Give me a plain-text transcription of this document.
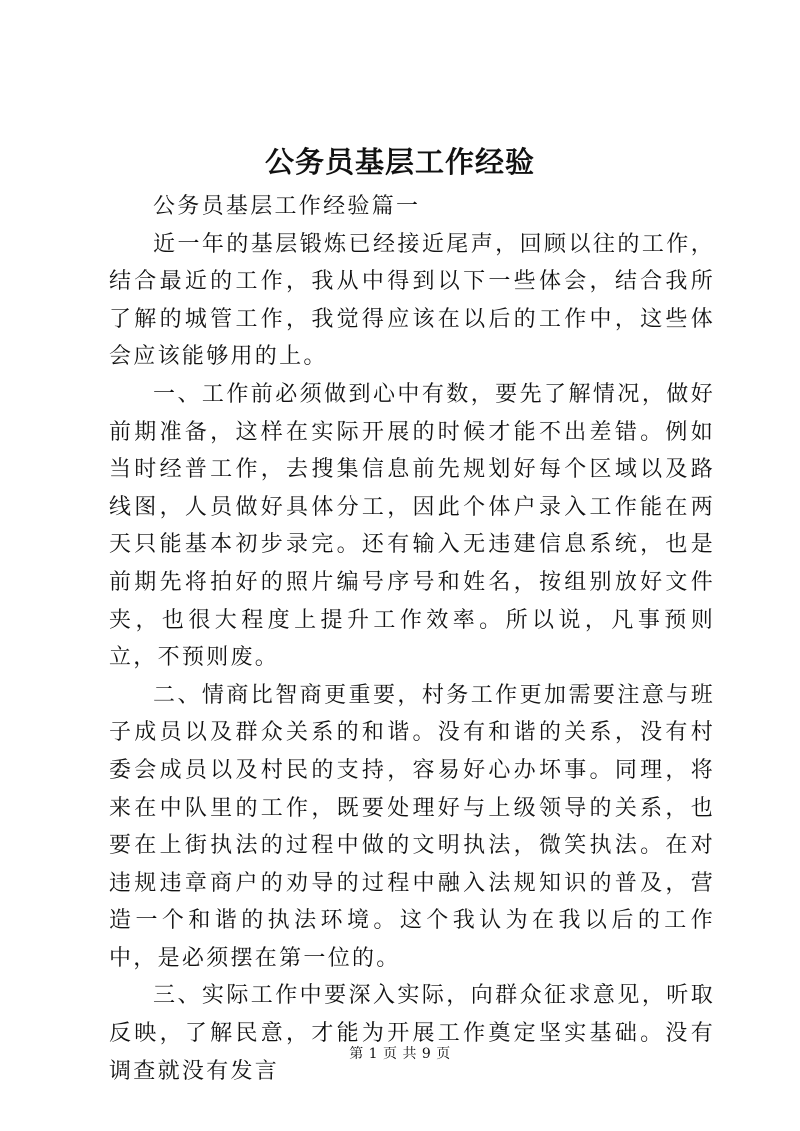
公务员基层工作经验

公务员基层工作经验篇一

近一年的基层锻炼已经接近尾声，回顾以往的工作，结合最近的工作，我从中得到以下一些体会，结合我所了解的城管工作，我觉得应该在以后的工作中，这些体会应该能够用的上。

一、工作前必须做到心中有数，要先了解情况，做好前期准备，这样在实际开展的时候才能不出差错。例如当时经普工作，去搜集信息前先规划好每个区域以及路线图，人员做好具体分工，因此个体户录入工作能在两天只能基本初步录完。还有输入无违建信息系统，也是前期先将拍好的照片编号序号和姓名，按组别放好文件夹，也很大程度上提升工作效率。所以说，凡事预则立，不预则废。

二、情商比智商更重要，村务工作更加需要注意与班子成员以及群众关系的和谐。没有和谐的关系，没有村委会成员以及村民的支持，容易好心办坏事。同理，将来在中队里的工作，既要处理好与上级领导的关系，也要在上街执法的过程中做的文明执法，微笑执法。在对违规违章商户的劝导的过程中融入法规知识的普及，营造一个和谐的执法环境。这个我认为在我以后的工作中，是必须摆在第一位的。

三、实际工作中要深入实际，向群众征求意见，听取反映，了解民意，才能为开展工作奠定坚实基础。没有调查就没有发言

第 1 页 共 9 页
